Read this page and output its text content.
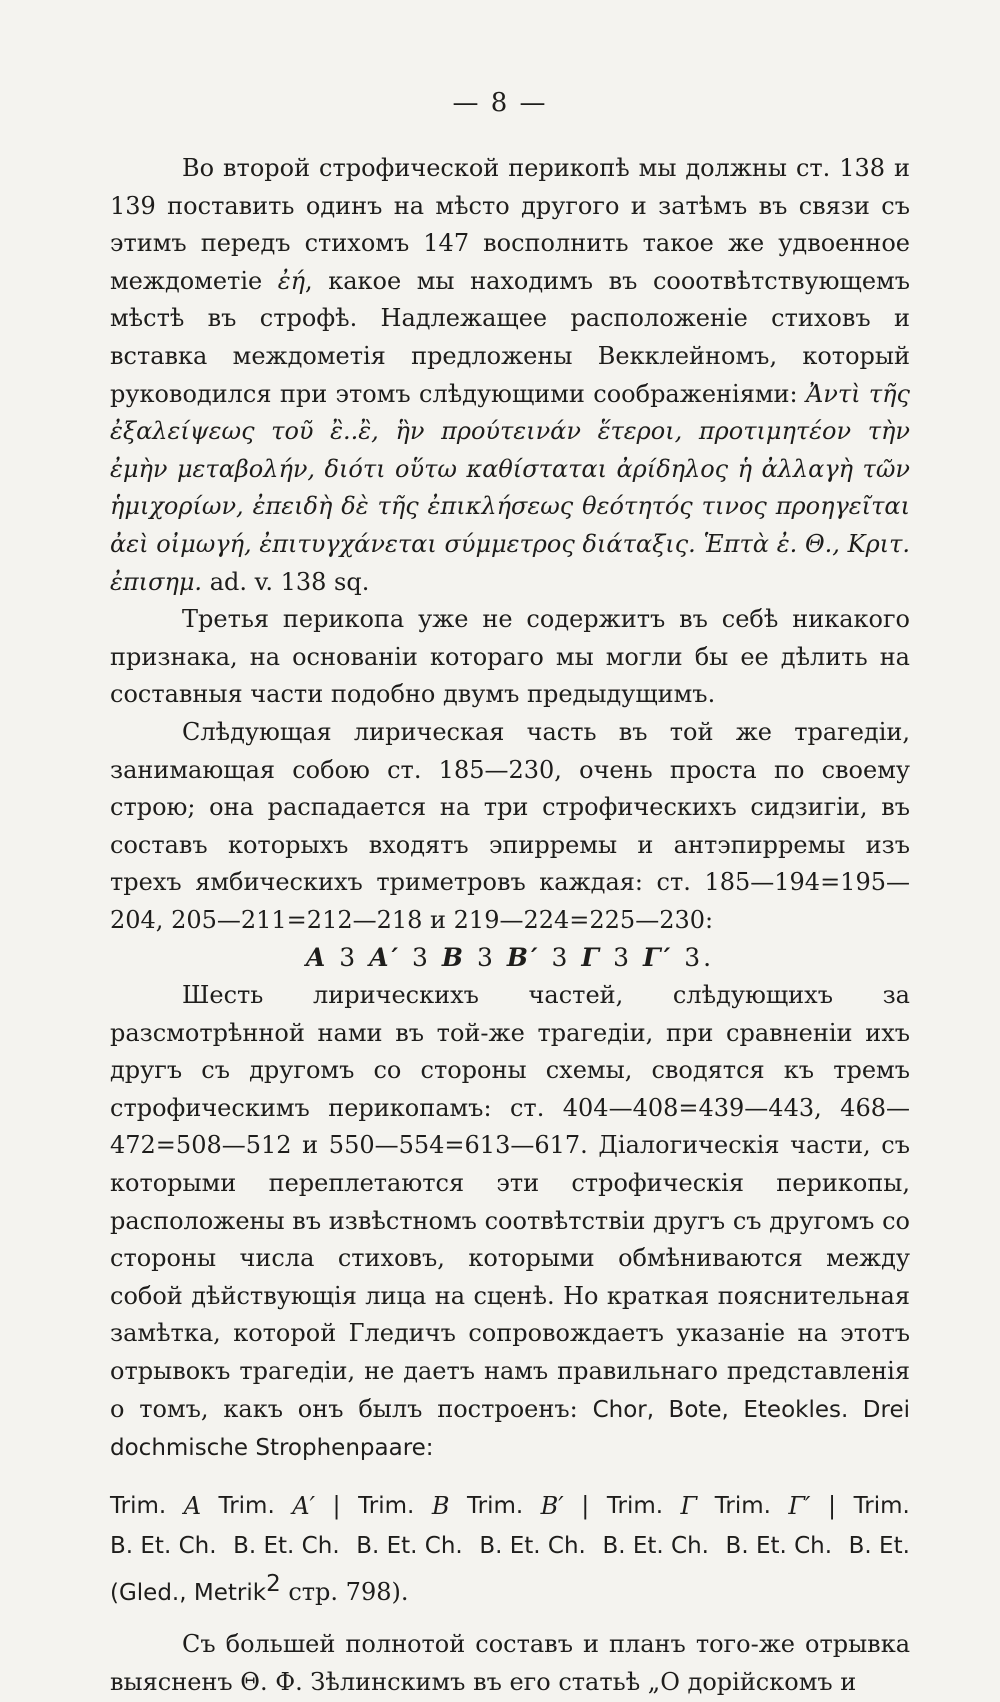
— 8 —

Во второй строфической перикопѣ мы должны ст. 138 и 139 поставить одинъ на мѣсто другого и затѣмъ въ связи съ этимъ передъ стихомъ 147 восполнить такое же удвоенное междометіе ἐή, какое мы находимъ въ сооотвѣтствующемъ мѣстѣ въ строфѣ. Надлежащее расположеніе стиховъ и вставка междометія предложены Векклейномъ, который руководился при этомъ слѣдующими соображеніями: Ἀντὶ τῆς ἐξαλείψεως τοῦ ἒ..ἒ, ἣν προύτεινάν ἕτεροι, προτιμητέον τὴν ἐμὴν μεταβολήν, διότι οὕτω καθίσταται ἀρίδηλος ἡ ἀλλαγὴ τῶν ἡμιχορίων, ἐπειδὴ δὲ τῆς ἐπικλήσεως θεότητός τινος προηγεῖται ἀεὶ οἰμωγή, ἐπιτυγχάνεται σύμμετρος διάταξις. Ἑπτὰ ἐ. Θ., Κριτ. ἐπισημ. ad. v. 138 sq.

Третья перикопа уже не содержитъ въ себѣ никакого признака, на основаніи котораго мы могли бы ее дѣлить на составныя части подобно двумъ предыдущимъ.

Слѣдующая лирическая часть въ той же трагедіи, занимающая собою ст. 185—230, очень проста по своему строю; она распадается на три строфическихъ сидзигіи, въ составъ которыхъ входятъ эпирремы и антэпирремы изъ трехъ ямбическихъ триметровъ каждая: ст. 185—194=195—204, 205—211=212—218 и 219—224=225—230:

A 3 A′ 3 B 3 B′ 3 Γ 3 Γ′ 3.

Шесть лирическихъ частей, слѣдующихъ за разсмотрѣнной нами въ той-же трагедіи, при сравненіи ихъ другъ съ другомъ со стороны схемы, сводятся къ тремъ строфическимъ перикопамъ: ст. 404—408=439—443, 468—472=508—512 и 550—554=613—617. Діалогическія части, съ которыми переплетаются эти строфическія перикопы, расположены въ извѣстномъ соотвѣтствіи другъ съ другомъ со стороны числа стиховъ, которыми обмѣниваются между собой дѣйствующія лица на сценѣ. Но краткая пояснительная замѣтка, которой Гледичъ сопровождаетъ указаніе на этотъ отрывокъ трагедіи, не даетъ намъ правильнаго представленія о томъ, какъ онъ былъ построенъ: Chor, Bote, Eteokles. Drei dochmische Strophenpaare:

Trim. A Trim. A′ | Trim. B Trim. B′ | Trim. Γ Trim. Γ′ | Trim.
B. Et. Ch. B. Et. Ch. B. Et. Ch. B. Et. Ch. B. Et. Ch. B. Et. Ch. B. Et.

(Gled., Metrik$^2$ стр. 798).

Съ большей полнотой составъ и планъ того-же отрывка выясненъ Θ. Ф. Зѣлинскимъ въ его статьѣ „О дорійскомъ и
